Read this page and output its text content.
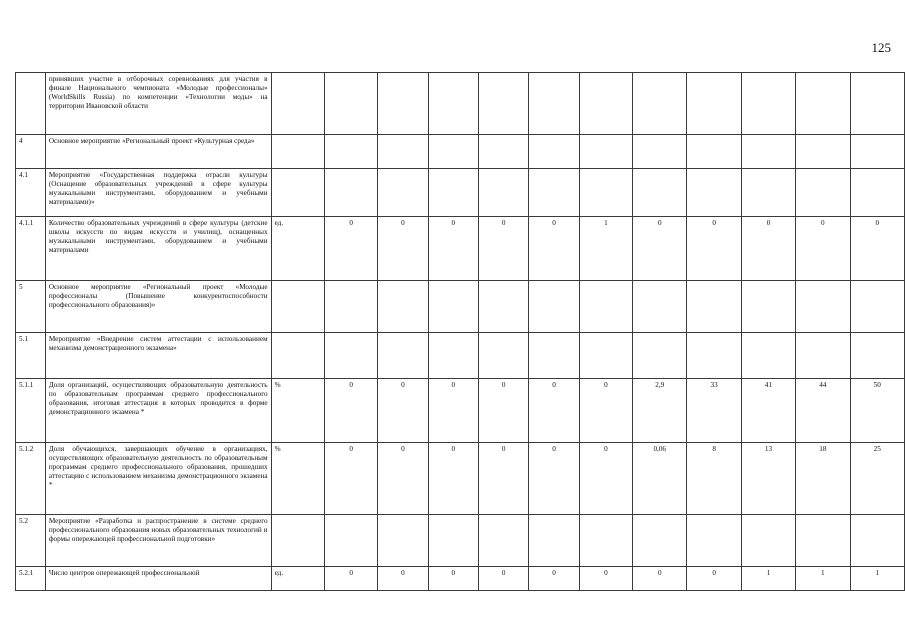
125
	принявших участие в отборочных соревнованиях для участия в финале Национального чемпионата «Молодые профессионалы» (WorldSkills Russia) по компетенции «Технологии моды» на территории Ивановской области												
4	Основное мероприятие «Региональный проект «Культурная среда»												
4.1	Мероприятие «Государственная поддержка отрасли культуры (Оснащение образовательных учреждений в сфере культуры музыкальными инструментами, оборудованием и учебными материалами)»												
4.1.1	Количество образовательных учреждений в сфере культуры (детские школы искусств по видам искусств и училищ), оснащенных музыкальными инструментами, оборудованием и учебными материалами	ед.	0	0	0	0	0	1	0	0	0	0	0
5	Основное мероприятие «Региональный проект «Молодые профессионалы (Повышение конкурентоспособности профессионального образования)»												
5.1	Мероприятие «Внедрение систем аттестации с использованием механизма демонстрационного экзамена»												
5.1.1	Доля организаций, осуществляющих образовательную деятельность по образовательным программам среднего профессионального образования, итоговая аттестация в которых проводится в форме демонстрационного экзамена *	%	0	0	0	0	0	0	2,9	33	41	44	50
5.1.2	Доля обучающихся, завершающих обучение в организациях, осуществляющих образовательную деятельность по образовательным программам среднего профессионального образования, прошедших аттестацию с использованием механизма демонстрационного экзамена *	%	0	0	0	0	0	0	0,06	8	13	18	25
5.2	Мероприятие «Разработка и распространение в системе среднего профессионального образования новых образовательных технологий и формы опережающей профессиональной подготовки»												
5.2.1	Число центров опережающей профессиональной	ед.	0	0	0	0	0	0	0	0	1	1	1
